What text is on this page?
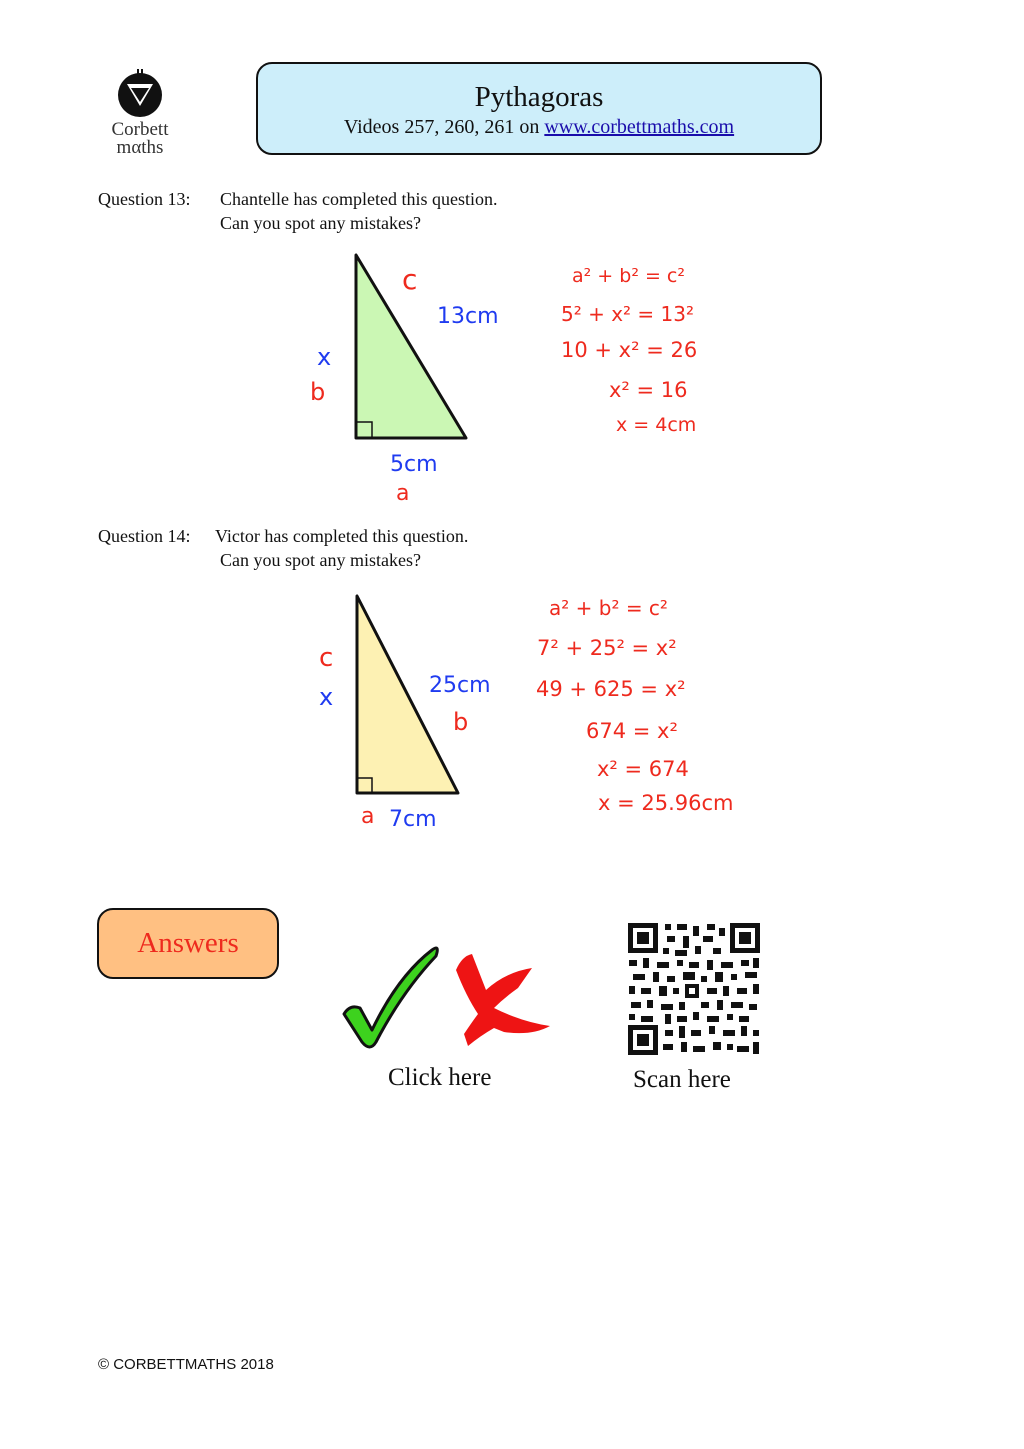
Corbett
mαths
Pythagoras
Videos 257, 260, 261 on www.corbettmaths.com
Question 13: Chantelle has completed this question.
Can you spot any mistakes?
c
13cm
x
b
5cm
a
a² + b² = c²
5² + x² = 13²
10 + x² = 26
x² = 16
x = 4cm
Question 14: Victor has completed this question.
Can you spot any mistakes?
c
x	25cm
b
a 7cm
a² + b² = c²
7² + 25² = x²
49 + 625 = x²
674 = x²
x² = 674
x = 25.96cm
Answers
Click here	Scan here
© CORBETTMATHS 2018
